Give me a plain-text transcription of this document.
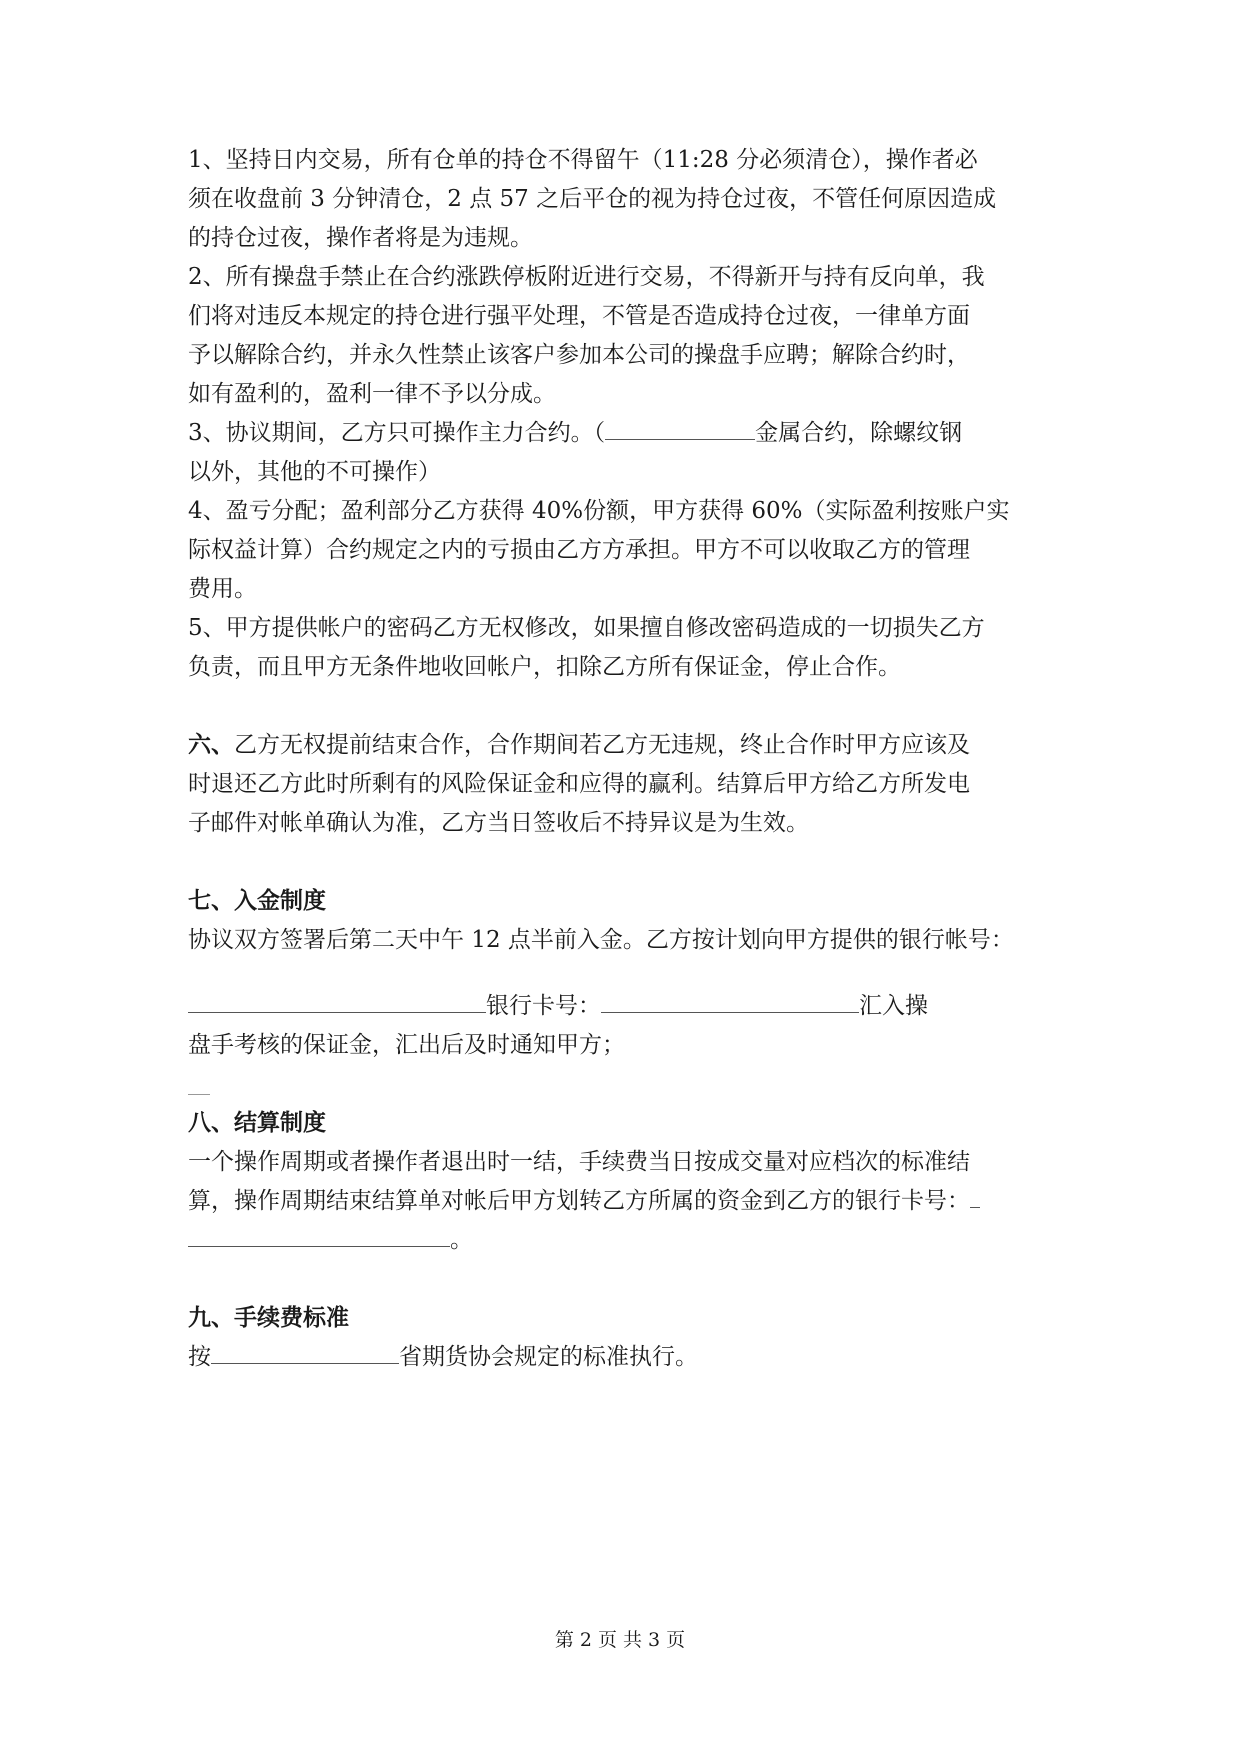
1、坚持日内交易，所有仓单的持仓不得留午（11:28 分必须清仓），操作者必
须在收盘前 3 分钟清仓，2 点 57 之后平仓的视为持仓过夜，不管任何原因造成
的持仓过夜，操作者将是为违规。
2、所有操盘手禁止在合约涨跌停板附近进行交易，不得新开与持有反向单，我
们将对违反本规定的持仓进行强平处理，不管是否造成持仓过夜，一律单方面
予以解除合约，并永久性禁止该客户参加本公司的操盘手应聘；解除合约时，
如有盈利的，盈利一律不予以分成。
3、协议期间，乙方只可操作主力合约。（	金属合约，除螺纹钢
以外，其他的不可操作）
4、盈亏分配；盈利部分乙方获得 40%份额，甲方获得 60%（实际盈利按账户实
际权益计算）合约规定之内的亏损由乙方方承担。甲方不可以收取乙方的管理
费用。
5、甲方提供帐户的密码乙方无权修改，如果擅自修改密码造成的一切损失乙方
负责，而且甲方无条件地收回帐户，扣除乙方所有保证金，停止合作。
六、乙方无权提前结束合作，合作期间若乙方无违规，终止合作时甲方应该及
时退还乙方此时所剩有的风险保证金和应得的赢利。结算后甲方给乙方所发电
子邮件对帐单确认为准，乙方当日签收后不持异议是为生效。
七、入金制度
协议双方签署后第二天中午 12 点半前入金。乙方按计划向甲方提供的银行帐号：
银行卡号：	汇入操
盘手考核的保证金，汇出后及时通知甲方；
八、结算制度
一个操作周期或者操作者退出时一结，手续费当日按成交量对应档次的标准结
算，操作周期结束结算单对帐后甲方划转乙方所属的资金到乙方的银行卡号：
。
九、手续费标准
按	省期货协会规定的标准执行。
第 2 页 共 3 页
